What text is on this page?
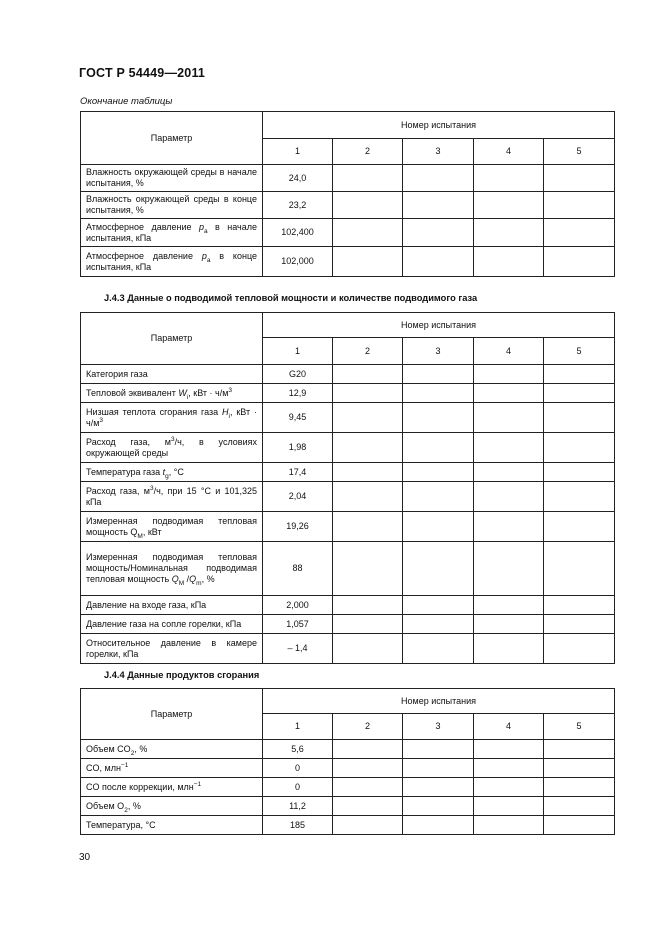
ГОСТ Р 54449—2011
Окончание таблицы
Параметр	Номер испытания				
	1	2	3	4	5
Влажность окружающей среды в начале испытания, %	24,0				
Влажность окружающей среды в конце испытания, %	23,2				
Атмосферное давление $p_a$ в начале испытания, кПа	102,400				
Атмосферное давление $p_a$ в конце испытания, кПа	102,000				
J.4.3 Данные о подводимой тепловой мощности и количестве подводимого газа
Параметр	Номер испытания				
	1	2	3	4	5
Категория газа	G20				
Тепловой эквивалент $W_i$, кВт · $ч/м^3$	12,9				
Низшая теплота сгорания газа $H_i$, кВт · $ч/м^3$	9,45				
Расход газа, $м^3/ч$, в условиях окружающей среды	1,98				
Температура газа $t_g$, °C	17,4				
Расход газа, $м^3/ч$, при 15 °C и 101,325 кПа	2,04				
Измеренная подводимая тепловая мощность $Q_M$, кВт	19,26				
Измеренная подводимая тепловая мощность/Номинальная подводимая тепловая мощность $Q_M$ $/Q_m$, %	88				
Давление на входе газа, кПа	2,000				
Давление газа на сопле горелки, кПа	1,057				
Относительное давление в камере горелки, кПа	– 1,4				
J.4.4 Данные продуктов сгорания
Параметр	Номер испытания				
	1	2	3	4	5
Объем $CO_2$, %	5,6				
CO, млн$^{-1}$	0				
CO после коррекции, млн$^{-1}$	0				
Объем $O_2$, %	11,2				
Температура, °C	185				
30
